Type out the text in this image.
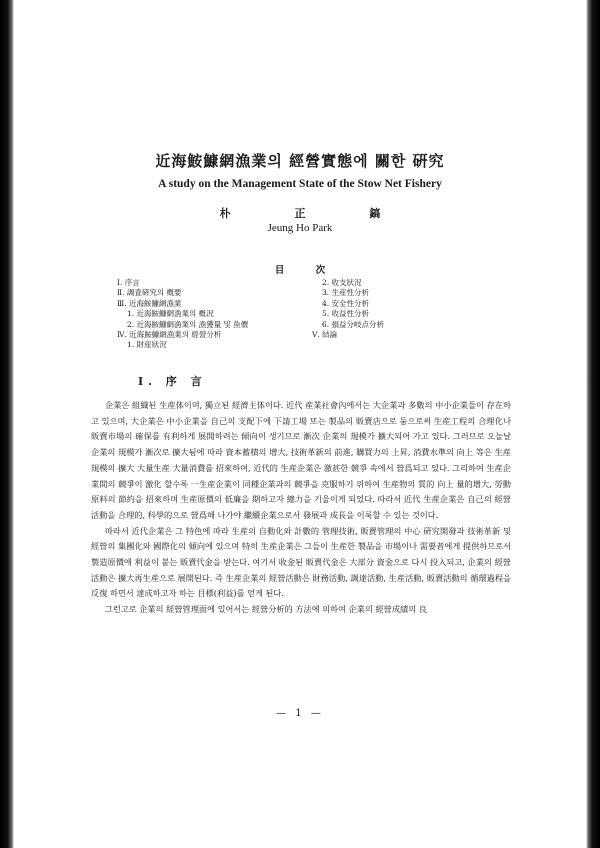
近海鮟鱇網漁業의 經營實態에 關한 硏究
A study on the Management State of the Stow Net Fishery
朴 正 鎬
Jeung Ho Park
目 次
Ⅰ. 序言
Ⅱ. 調査硏究의 槪要
Ⅲ. 近海鮟鱇網漁業
1. 近海鮟鱇網漁業의 槪況
2. 近海鮟鱇網漁業의 漁獲量 및 魚價
Ⅳ. 近海鮟鱇網漁業의 經營分析
1. 財産狀況
2. 收支狀況
3. 生産性分析
4. 安全性分析
5. 收益性分析
6. 損益分岐点分析
Ⅴ. 結論
Ⅰ. 序 言

企業은 組織된 生産体이며, 獨立된 經濟主体이다. 近代 産業社會內에서는 大企業과 多數의 中小企業들이 存在하고 있으며, 大企業은 中小企業을 自己의 支配下에 下請工場 또는 製品의 販賣店으로 둠으로써 生産工程의 合理化나 販賣市場의 確保를 有利하게 展開하려는 傾向이 생기므로 漸次 企業의 規模가 擴大되어 가고 있다. 그러므로 오늘날 企業의 規模가 漸次로 擴大됨에 따라 資本蓄積의 增大, 技術革新의 前進, 購買力의 上昇, 消費水準의 向上 等은 生産規模의 擴大 大量生産 大量消費를 招來하여, 近代的 生産企業은 激甚한 競爭 속에서 營爲되고 있다. 그리하여 生産企業間의 競爭이 激化 할수록 一生産企業이 同種企業과의 競爭을 克服하기 위하여 生産物의 質的 向上 量的增大, 勞動 原料의 節約을 招來하며 生産原價의 低廉을 期하고자 總力을 기울이게 되었다. 따라서 近代 生産企業은 自己의 經營活動을 合理的, 科學的으로 營爲해 나가야 繼續企業으로서 發展과 成長을 이룩할 수 있는 것이다.

따라서 近代企業은 그 特色에 따라 生産의 自動化와 計數的 管理技術, 販賣管理의 中心 硏究開發과 技術革新 및 經營의 集團化와 國際化의 傾向에 있으며 特히 生産企業은 그들이 生産한 製品을 市場이나 需要者에게 提供하므로서 製造原價에 利益이 붙는 販賣代金을 받는다. 여기서 收金된 販賣代金은 大部分 資金으로 다시 投入되고, 企業의 經營活動은 擴大再生産으로 展開된다. 즉 生産企業의 經營活動은 財務活動, 調達活動, 生産活動, 販賣活動의 循環過程을 反復 하면서 達成하고자 하는 目標(利益)를 얻게 된다.

그런고로 企業의 經營管理面에 있어서는 經營分析的 方法에 의하여 企業의 經營成績의 良

— 1 —
